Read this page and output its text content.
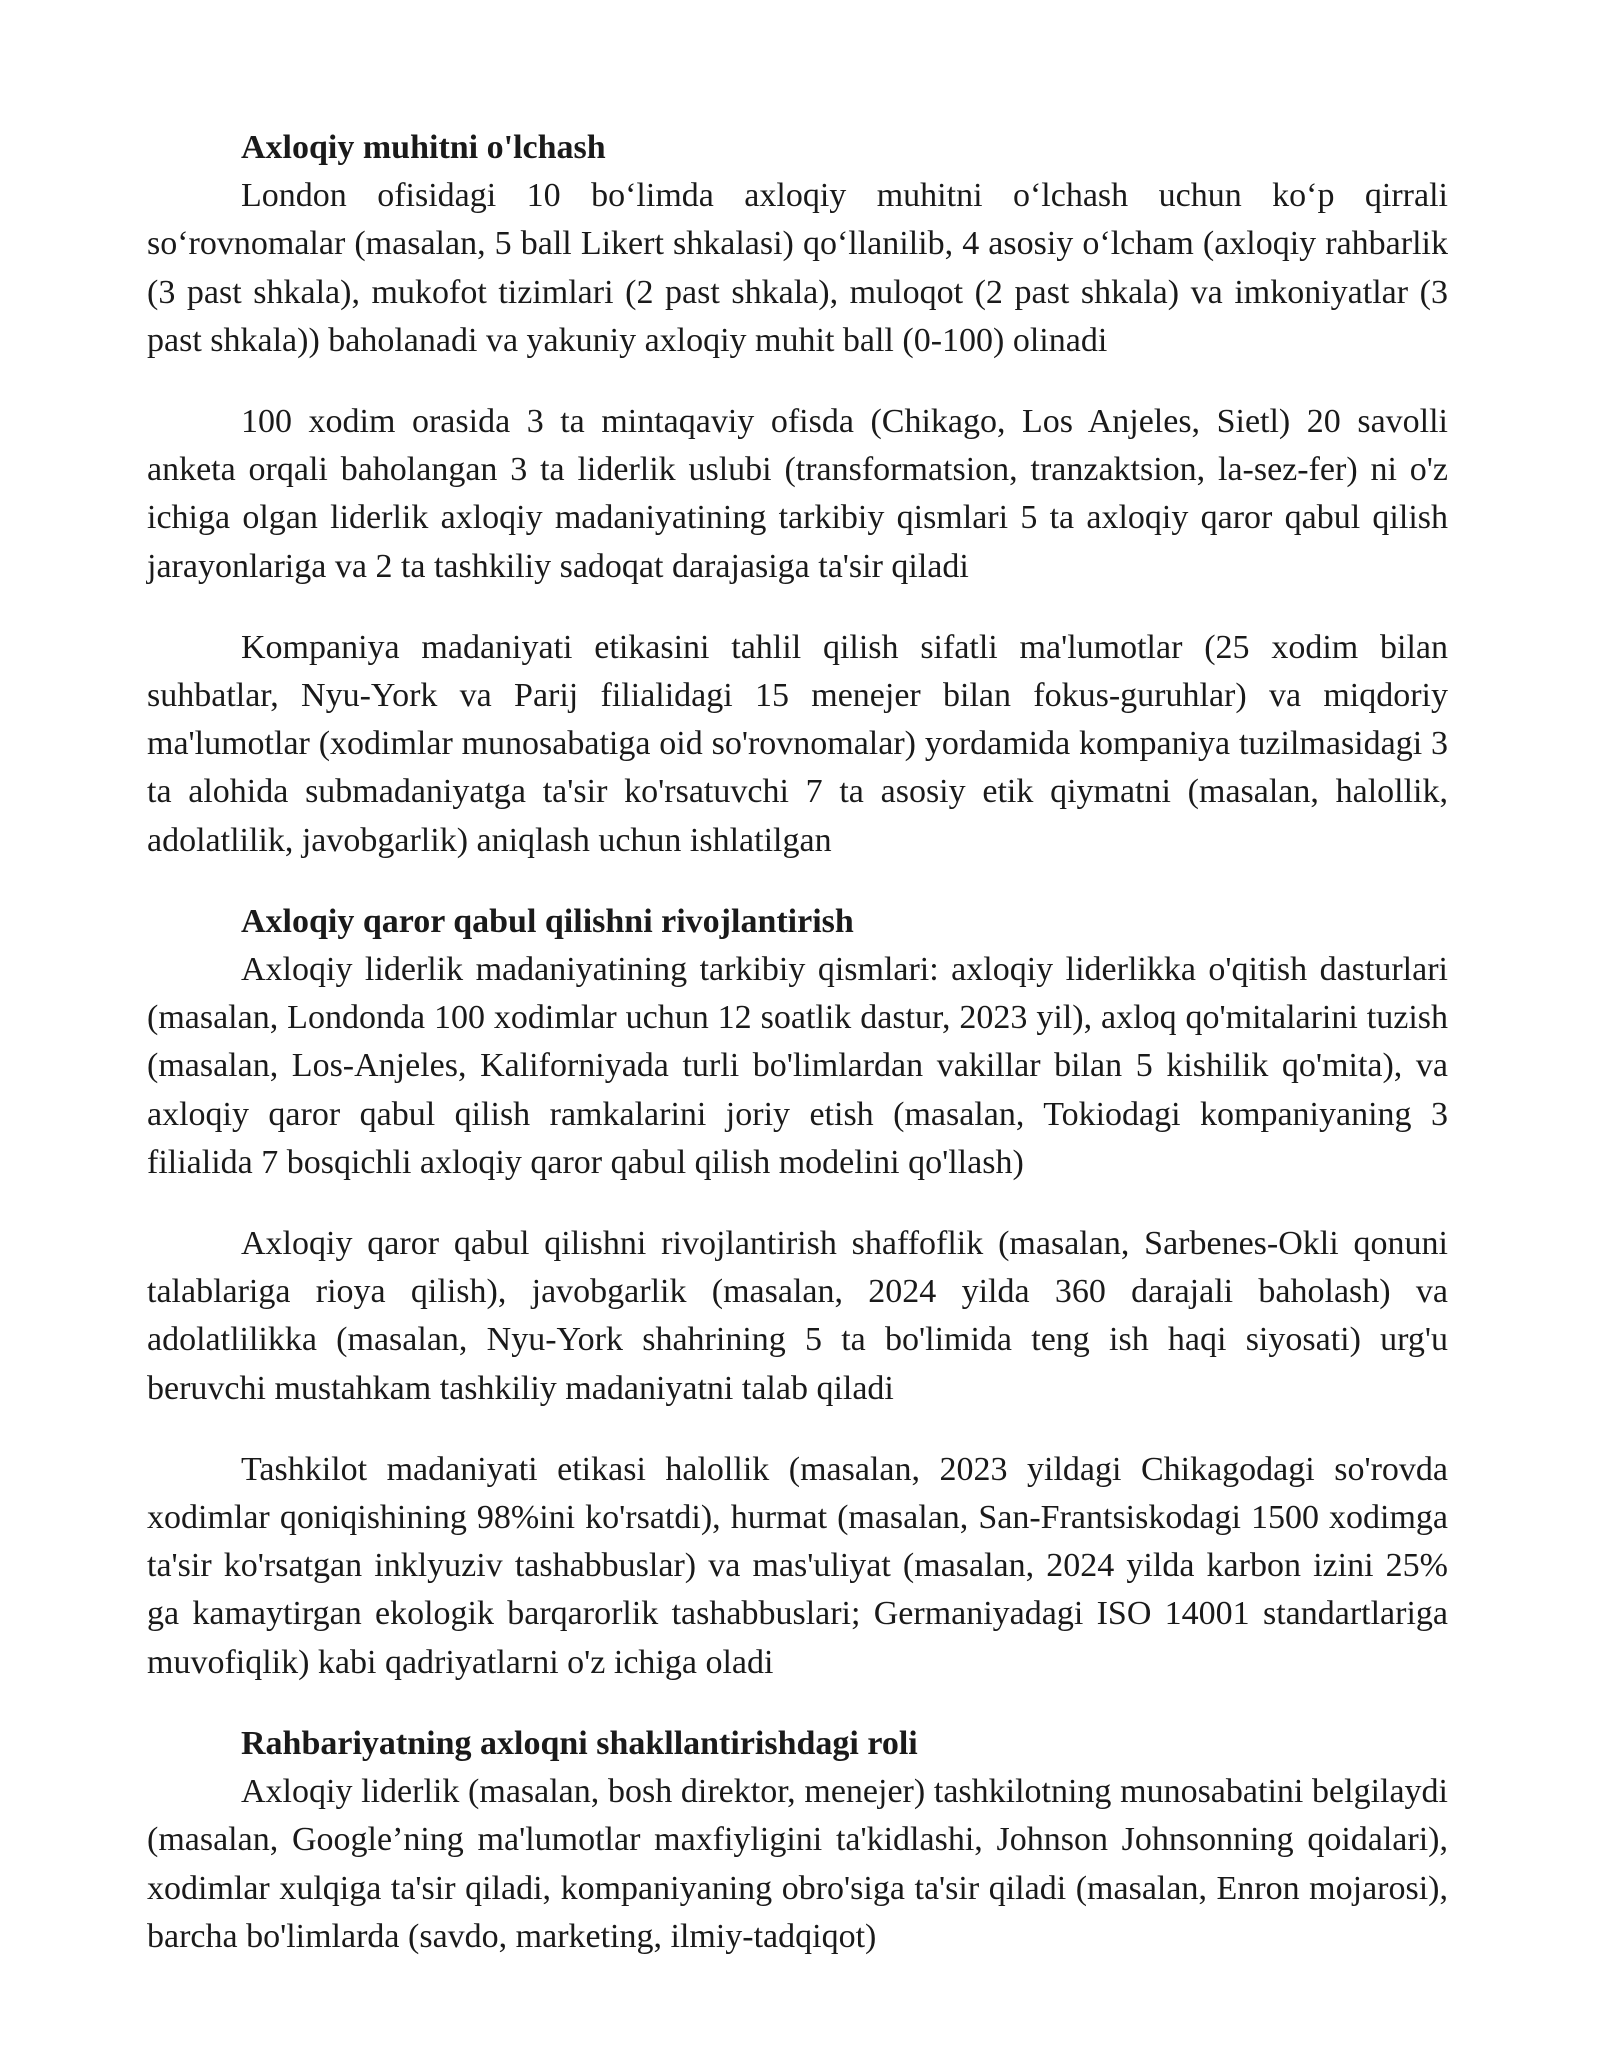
Axloqiy muhitni o'lchash

London ofisidagi 10 bo‘limda axloqiy muhitni o‘lchash uchun ko‘p qirrali so‘rovnomalar (masalan, 5 ball Likert shkalasi) qo‘llanilib, 4 asosiy o‘lcham (axloqiy rahbarlik (3 past shkala), mukofot tizimlari (2 past shkala), muloqot (2 past shkala) va imkoniyatlar (3 past shkala)) baholanadi va yakuniy axloqiy muhit ball (0-100) olinadi

100 xodim orasida 3 ta mintaqaviy ofisda (Chikago, Los Anjeles, Sietl) 20 savolli anketa orqali baholangan 3 ta liderlik uslubi (transformatsion, tranzaktsion, la-sez-fer) ni o'z ichiga olgan liderlik axloqiy madaniyatining tarkibiy qismlari 5 ta axloqiy qaror qabul qilish jarayonlariga va 2 ta tashkiliy sadoqat darajasiga ta'sir qiladi

Kompaniya madaniyati etikasini tahlil qilish sifatli ma'lumotlar (25 xodim bilan suhbatlar, Nyu-York va Parij filialidagi 15 menejer bilan fokus-guruhlar) va miqdoriy ma'lumotlar (xodimlar munosabatiga oid so'rovnomalar) yordamida kompaniya tuzilmasidagi 3 ta alohida submadaniyatga ta'sir ko'rsatuvchi 7 ta asosiy etik qiymatni (masalan, halollik, adolatlilik, javobgarlik) aniqlash uchun ishlatilgan

Axloqiy qaror qabul qilishni rivojlantirish

Axloqiy liderlik madaniyatining tarkibiy qismlari: axloqiy liderlikka o'qitish dasturlari (masalan, Londonda 100 xodimlar uchun 12 soatlik dastur, 2023 yil), axloq qo'mitalarini tuzish (masalan, Los-Anjeles, Kaliforniyada turli bo'limlardan vakillar bilan 5 kishilik qo'mita), va axloqiy qaror qabul qilish ramkalarini joriy etish (masalan, Tokiodagi kompaniyaning 3 filialida 7 bosqichli axloqiy qaror qabul qilish modelini qo'llash)

Axloqiy qaror qabul qilishni rivojlantirish shaffoflik (masalan, Sarbenes-Okli qonuni talablariga rioya qilish), javobgarlik (masalan, 2024 yilda 360 darajali baholash) va adolatlilikka (masalan, Nyu-York shahrining 5 ta bo'limida teng ish haqi siyosati) urg'u beruvchi mustahkam tashkiliy madaniyatni talab qiladi

Tashkilot madaniyati etikasi halollik (masalan, 2023 yildagi Chikagodagi so'rovda xodimlar qoniqishining 98%ini ko'rsatdi), hurmat (masalan, San-Frantsiskodagi 1500 xodimga ta'sir ko'rsatgan inklyuziv tashabbuslar) va mas'uliyat (masalan, 2024 yilda karbon izini 25% ga kamaytirgan ekologik barqarorlik tashabbuslari; Germaniyadagi ISO 14001 standartlariga muvofiqlik) kabi qadriyatlarni o'z ichiga oladi

Rahbariyatning axloqni shakllantirishdagi roli

Axloqiy liderlik (masalan, bosh direktor, menejer) tashkilotning munosabatini belgilaydi (masalan, Google’ning ma'lumotlar maxfiyligini ta'kidlashi, Johnson Johnsonning qoidalari), xodimlar xulqiga ta'sir qiladi, kompaniyaning obro'siga ta'sir qiladi (masalan, Enron mojarosi), barcha bo'limlarda (savdo, marketing, ilmiy-tadqiqot)
